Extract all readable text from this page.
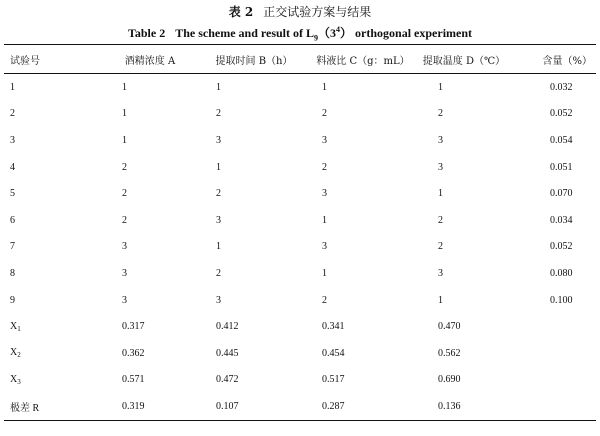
表 2 正交试验方案与结果
Table 2 The scheme and result of $L_9(3^4)$ orthogonal experiment
试验号	酒精浓度 A	提取时间 B（h）	料液比 C（g：mL）	提取温度 D（℃）	含量（%）
1	1	1	1	1	0.032
2	1	2	2	2	0.052
3	1	3	3	3	0.054
4	2	1	2	3	0.051
5	2	2	3	1	0.070
6	2	3	1	2	0.034
7	3	1	3	2	0.052
8	3	2	1	3	0.080
9	3	3	2	1	0.100
$X_1$	0.317	0.412	0.341	0.470	
$X_2$	0.362	0.445	0.454	0.562	
$X_3$	0.571	0.472	0.517	0.690	
极差 R	0.319	0.107	0.287	0.136	
